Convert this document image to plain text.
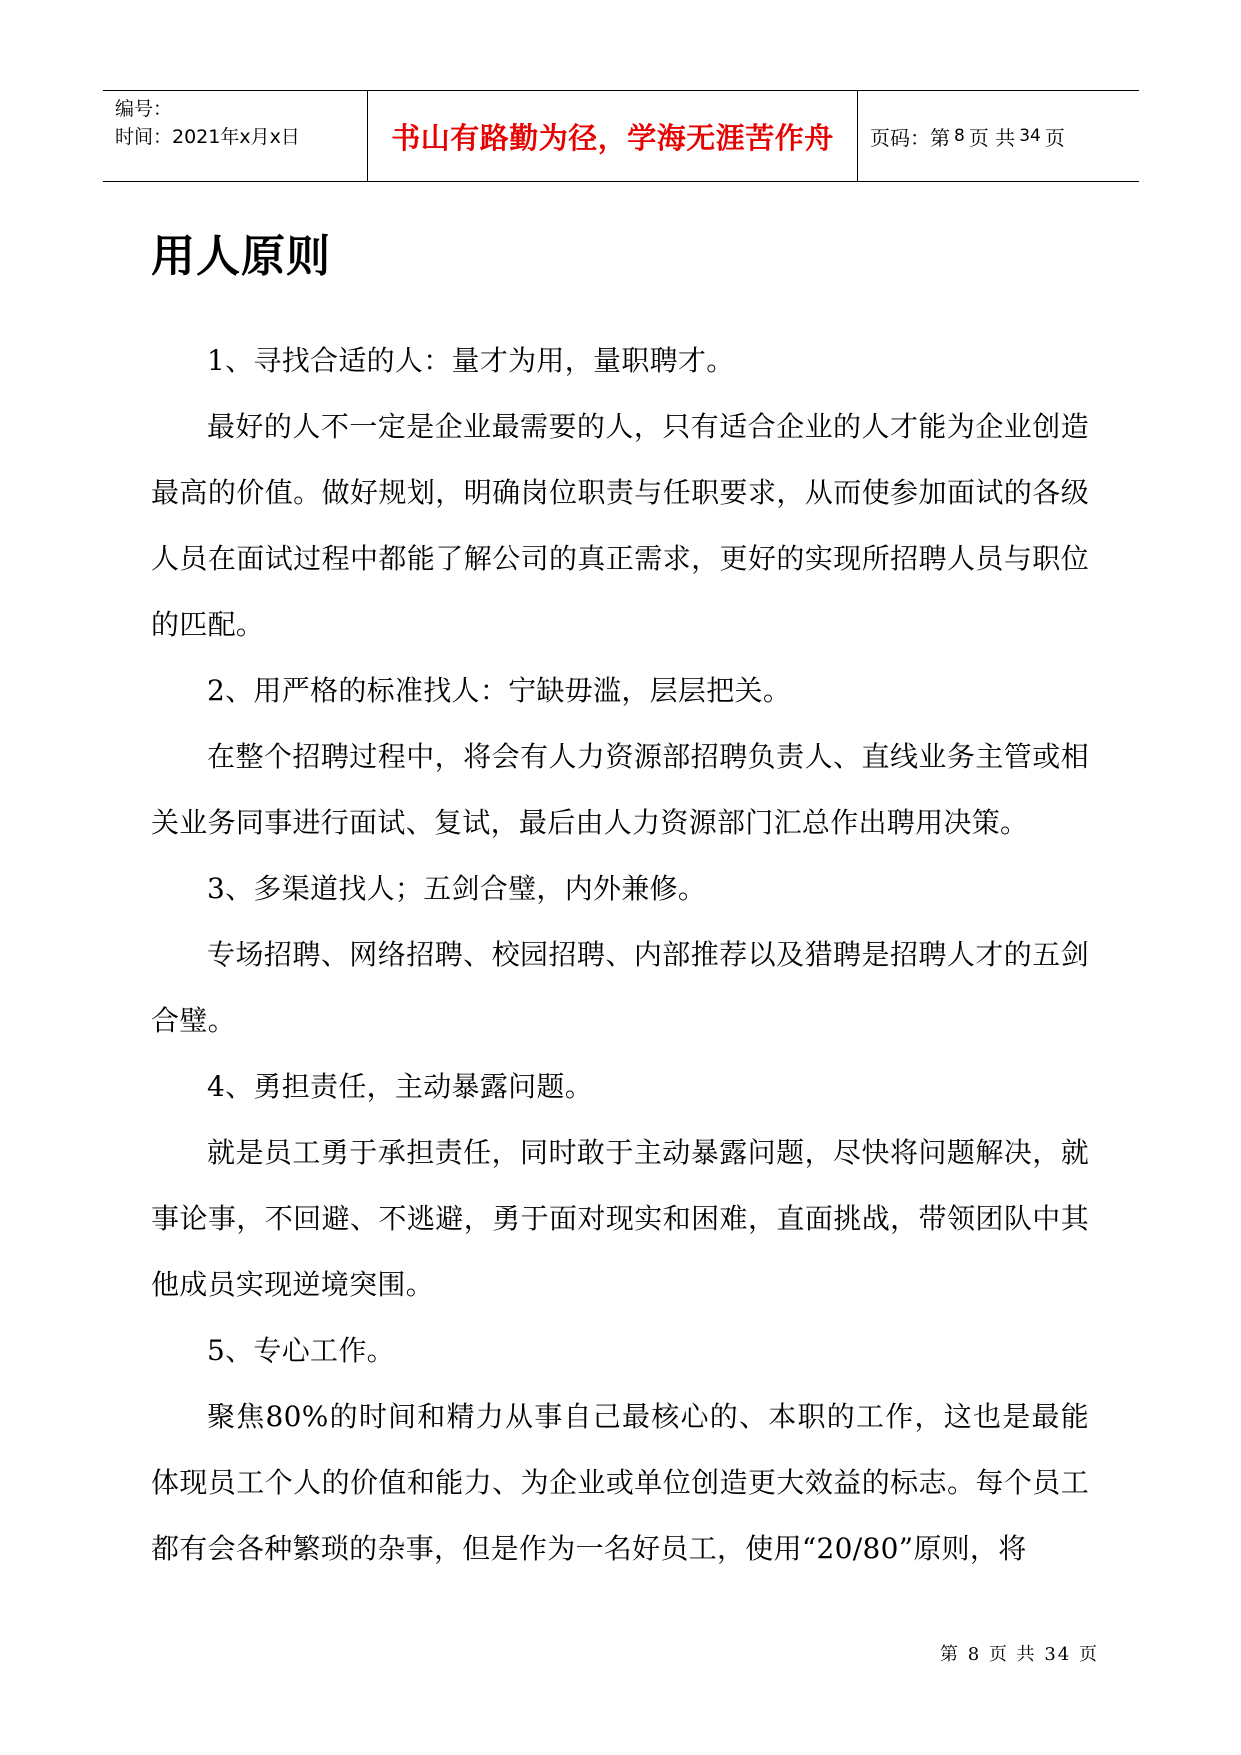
编号：
时间：2021年x月x日	书山有路勤为径，学海无涯苦作舟 页码：第 8 页 共 34 页
用人原则

1、寻找合适的人：量才为用，量职聘才。

最好的人不一定是企业最需要的人，只有适合企业的人才能为企业创造最高的价值。做好规划，明确岗位职责与任职要求，从而使参加面试的各级人员在面试过程中都能了解公司的真正需求，更好的实现所招聘人员与职位的匹配。

2、用严格的标准找人：宁缺毋滥，层层把关。

在整个招聘过程中，将会有人力资源部招聘负责人、直线业务主管或相关业务同事进行面试、复试，最后由人力资源部门汇总作出聘用决策。

3、多渠道找人；五剑合璧，内外兼修。

专场招聘、网络招聘、校园招聘、内部推荐以及猎聘是招聘人才的五剑合璧。

4、勇担责任，主动暴露问题。

就是员工勇于承担责任，同时敢于主动暴露问题，尽快将问题解决，就事论事，不回避、不逃避，勇于面对现实和困难，直面挑战，带领团队中其他成员实现逆境突围。

5、专心工作。

聚焦80%的时间和精力从事自己最核心的、本职的工作，这也是最能体现员工个人的价值和能力、为企业或单位创造更大效益的标志。每个员工都有会各种繁琐的杂事，但是作为一名好员工，使用“20/80”原则，将

第 8 页 共 34 页
